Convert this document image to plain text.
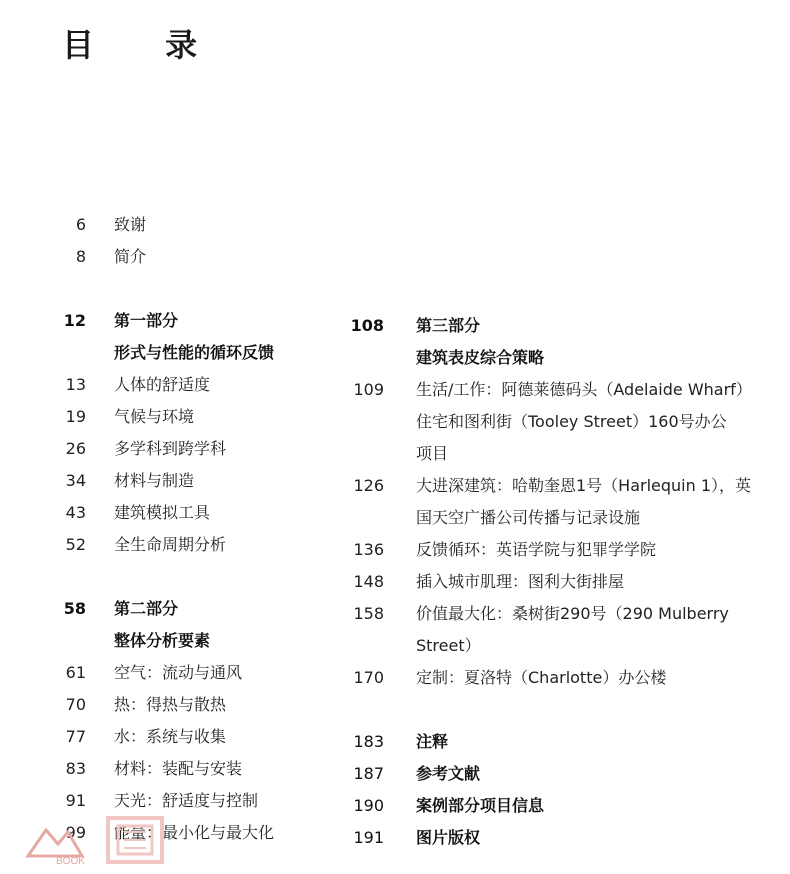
目 录
6 致谢
8 简介
12 第一部分
形式与性能的循环反馈
13 人体的舒适度
19 气候与环境
26 多学科到跨学科
34 材料与制造
43 建筑模拟工具
52 全生命周期分析
58 第二部分
整体分析要素
61 空气：流动与通风
70 热：得热与散热
77 水：系统与收集
83 材料：装配与安装
91 天光：舒适度与控制
99 能量：最小化与最大化
108 第三部分
建筑表皮综合策略
109 生活/工作：阿德莱德码头（Adelaide Wharf）
住宅和图利街（Tooley Street）160号办公
项目
126 大进深建筑：哈勒奎恩1号（Harlequin 1），英
国天空广播公司传播与记录设施
136 反馈循环：英语学院与犯罪学学院
148 插入城市肌理：图利大街排屋
158 价值最大化：桑树街290号（290 Mulberry
Street）
170 定制：夏洛特（Charlotte）办公楼
183 注释
187 参考文献
190 案例部分项目信息
191 图片版权
BOOK
